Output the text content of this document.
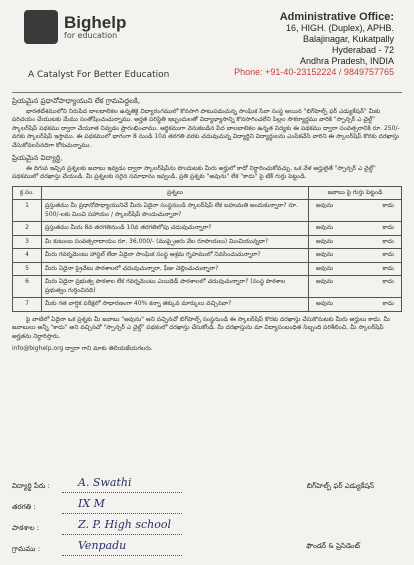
Bighelp
for education
A Catalyst For Better Education
Administrative Office:
16, HIGH. (Duplex), APHB.
Balajinagar, Kukatpally
Hyderabad - 72
Andhra Pradesh, INDIA
Phone: +91-40-23152224 / 9849757765
ప్రియమైన ప్రధానోపాధ్యాయుని లేక గ్రామపెద్దలకి,
భారతదేశములోని నిరుపేద బాలబాలికల ఉన్నతికై విద్యారంగములో కొనసాగి పాటుపడుచున్న సాంఘిక సేవా సంస్థ అయిన "బిగ్‌హెల్ప్ ఫర్ ఎడ్యుకేషన్" మీకు పరిచయం చేయుటకు మేము సంతోషించుచున్నాము. అర్హత పరిస్థితి ఇబ్బందులతో విద్యాభ్యాసాన్ని కొనసాగించలేని పిల్లల సౌకర్యార్థము వారికి "స్పాన్సర్ ఎ చైల్డ్" స్కాలర్‌షిప్ పథకము ద్వారా చేయూత నివ్వడం ప్రారంభించాము. ఆర్థికముగా వెనుకబడిన పేద బాలబాలికల ఉన్నత విద్యకు ఈ పథకము ద్వారా సంవత్సరానికి రూ. 250/- వరకు స్కాలర్‌షిప్ ఇస్తాము. ఈ పథకములో భాగంగా 8 నుండి 10వ తరగతి వరకు చదువుచున్న విద్యార్థిని విద్యార్థులను ఎంపికచేసి వారిని ఈ స్కాలర్‌షిప్ కొరకు దరఖాస్తు చేసుకోవలసినదిగా కోరుచున్నాము.
ప్రియమైన విద్యార్థి,
ఈ దిగువ ఇచ్చిన ప్రశ్నలకు జవాబు ఇవ్వడం ద్వారా స్కాలర్‌షిప్‌ను పొందుటకు మీరు అర్హులో కాదో నిర్ధారించుకోవచ్చు. ఒక వేళ అర్హులైతే "స్పాన్సర్ ఎ చైల్డ్" పథకములో దరఖాస్తు చేయండి. మీ ప్రశ్నలకు సరైన సమాధానం ఇవ్వండి, ప్రతి ప్రశ్నకు "అవును" లేక "కాదు" పై టిక్ గుర్తు పెట్టండి.
క్ర.సం.	ప్రశ్నలు	జవాబు పై గుర్తు పెట్టండి
1	ప్రస్తుతము మీ ప్రధానోపాధ్యాయునిచే మీరు ఏదైనా సంస్థనుండి స్కాలర్‌షిప్ లేక బహుమతి అందుకున్నారా? రూ. 500/-లకు మించి సహాయం / స్కాలర్‌షిప్ పొందుచున్నారా?	అవును కాదు

2	ప్రస్తుతము మీరు 8వ తరగతినుండి 10వ తరగతిలోపు చదువుచున్నారా?	అవును కాదు

3	మీ కుటుంబ సంవత్సరాదాయం రూ. 36,000/- (ముప్పైఆరు వేల రూపాయలు) మించియున్నదా?	అవును కాదు

4	మీరు గవర్నమెంటు హాస్టల్ లేదా ఏదైనా సాంఘిక సంస్థ ఆశ్రమ గృహములో నివసించుచున్నారా?	అవును కాదు

5	మీరు ఏదైనా ప్రైవేటు పాఠశాలలో చదువుచున్నారా, ఫీజు చెల్లించుచున్నారా?	అవును కాదు

6	మీరు ఏదైనా ప్రభుత్వ పాఠశాల లేక గవర్నమెంటు ఎయిడెడ్ పాఠశాలలో చదువుచున్నారా? (సంస్థ పాఠశాల ప్రభుత్వం గుర్తించినది)	అవును కాదు

7	మీకు గత వార్షిక పరీక్షలో సాధారణంగా 40% కన్నా తక్కువ మార్కులు వచ్చినవా?	అవును కాదు
పై వాటిలో ఏదైనా ఒక ప్రశ్నకు మీ జవాబు "అవును" అని వచ్చినచో బిగ్‌హెల్ప్ సంస్థనుండి ఈ స్కాలర్‌షిప్ కొరకు దరఖాస్తు చేసుకొనుటకు మీరు అర్హులు కాదు. మీ జవాబులు అన్నీ "కాదు" అని వచ్చినచో "స్పాన్సర్ ఎ చైల్డ్" పథకంలో దరఖాస్తు చేసుకోండి. మీ దరఖాస్తును మా విద్యాసంబంధిత సిబ్బంది పరిశీలించి, మీ స్కాలర్‌షిప్ అర్హతను నిర్ధారిస్తారు.
info@bighelp.org ద్వారా గాని మాకు తెలియజేయగలరు.
విద్యార్థి పేరు :	A. Swathi	బిగ్‌హెల్ప్ ఫర్ ఎడ్యుకేషన్
తరగతి :	IX M
పాఠశాల :	Z. P. High school
గ్రామము :	Venpadu	ఫౌండర్ & ప్రెసిడెంట్
